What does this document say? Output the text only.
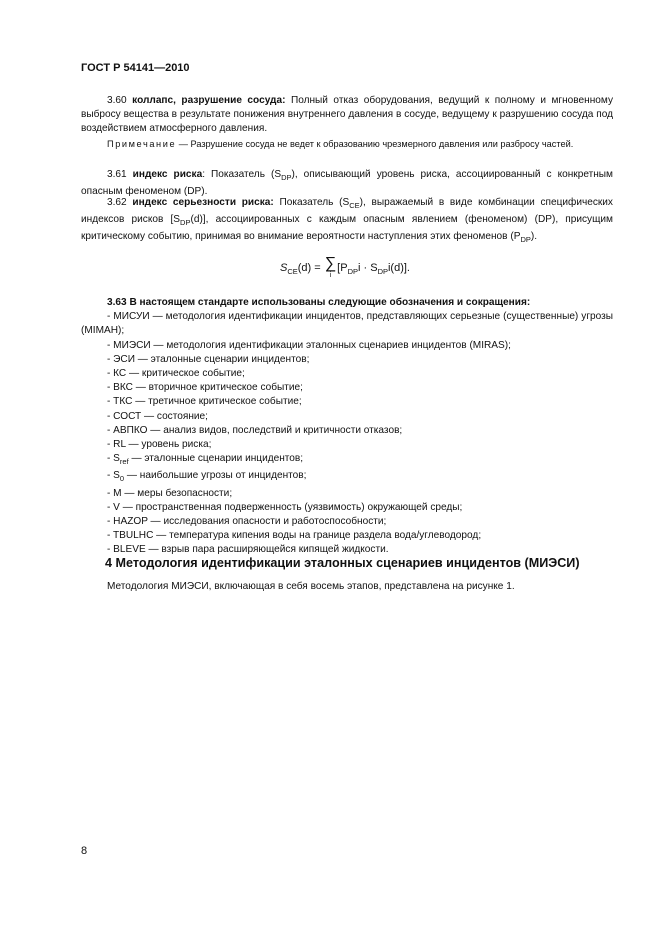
ГОСТ Р 54141—2010

3.60 коллапс, разрушение сосуда: Полный отказ оборудования, ведущий к полному и мгновенному выбросу вещества в результате понижения внутреннего давления в сосуде, ведущему к разрушению сосуда под воздействием атмосферного давления.

Примечание — Разрушение сосуда не ведет к образованию чрезмерного давления или разбросу частей.

3.61 индекс риска: Показатель $(S_{DP})$, описывающий уровень риска, ассоциированный с конкретным опасным феноменом (DP).

3.62 индекс серьезности риска: Показатель $(S_{CE})$, выражаемый в виде комбинации специфических индексов рисков $[S_{DP}(d)]$, ассоциированных с каждым опасным явлением (феноменом) (DP), присущим критическому событию, принимая во внимание вероятности наступления этих феноменов $(P_{DP})$.

$S_{CE}(d)$ = ∑
i
$[P_{DP}i \cdot S_{DP}i(d)]$.

3.63 В настоящем стандарте использованы следующие обозначения и сокращения:

- МИСУИ — методология идентификации инцидентов, представляющих серьезные (существенные) угрозы (MIMAH);
- МИЭСИ — методология идентификации эталонных сценариев инцидентов (MIRAS);
- ЭСИ — эталонные сценарии инцидентов;
- КС — критическое событие;
- ВКС — вторичное критическое событие;
- ТКС — третичное критическое событие;
- СОСТ — состояние;
- АВПКО — анализ видов, последствий и критичности отказов;
- RL — уровень риска;
- $S_{ref}$ — эталонные сценарии инцидентов;
- $S_0$ — наибольшие угрозы от инцидентов;
- М — меры безопасности;
- V — пространственная подверженность (уязвимость) окружающей среды;
- HAZOP — исследования опасности и работоспособности;
- TBULHC — температура кипения воды на границе раздела вода/углеводород;
- BLEVE — взрыв пара расширяющейся кипящей жидкости.
4 Методология идентификации эталонных сценариев инцидентов (МИЭСИ)

Методология МИЭСИ, включающая в себя восемь этапов, представлена на рисунке 1.

8
